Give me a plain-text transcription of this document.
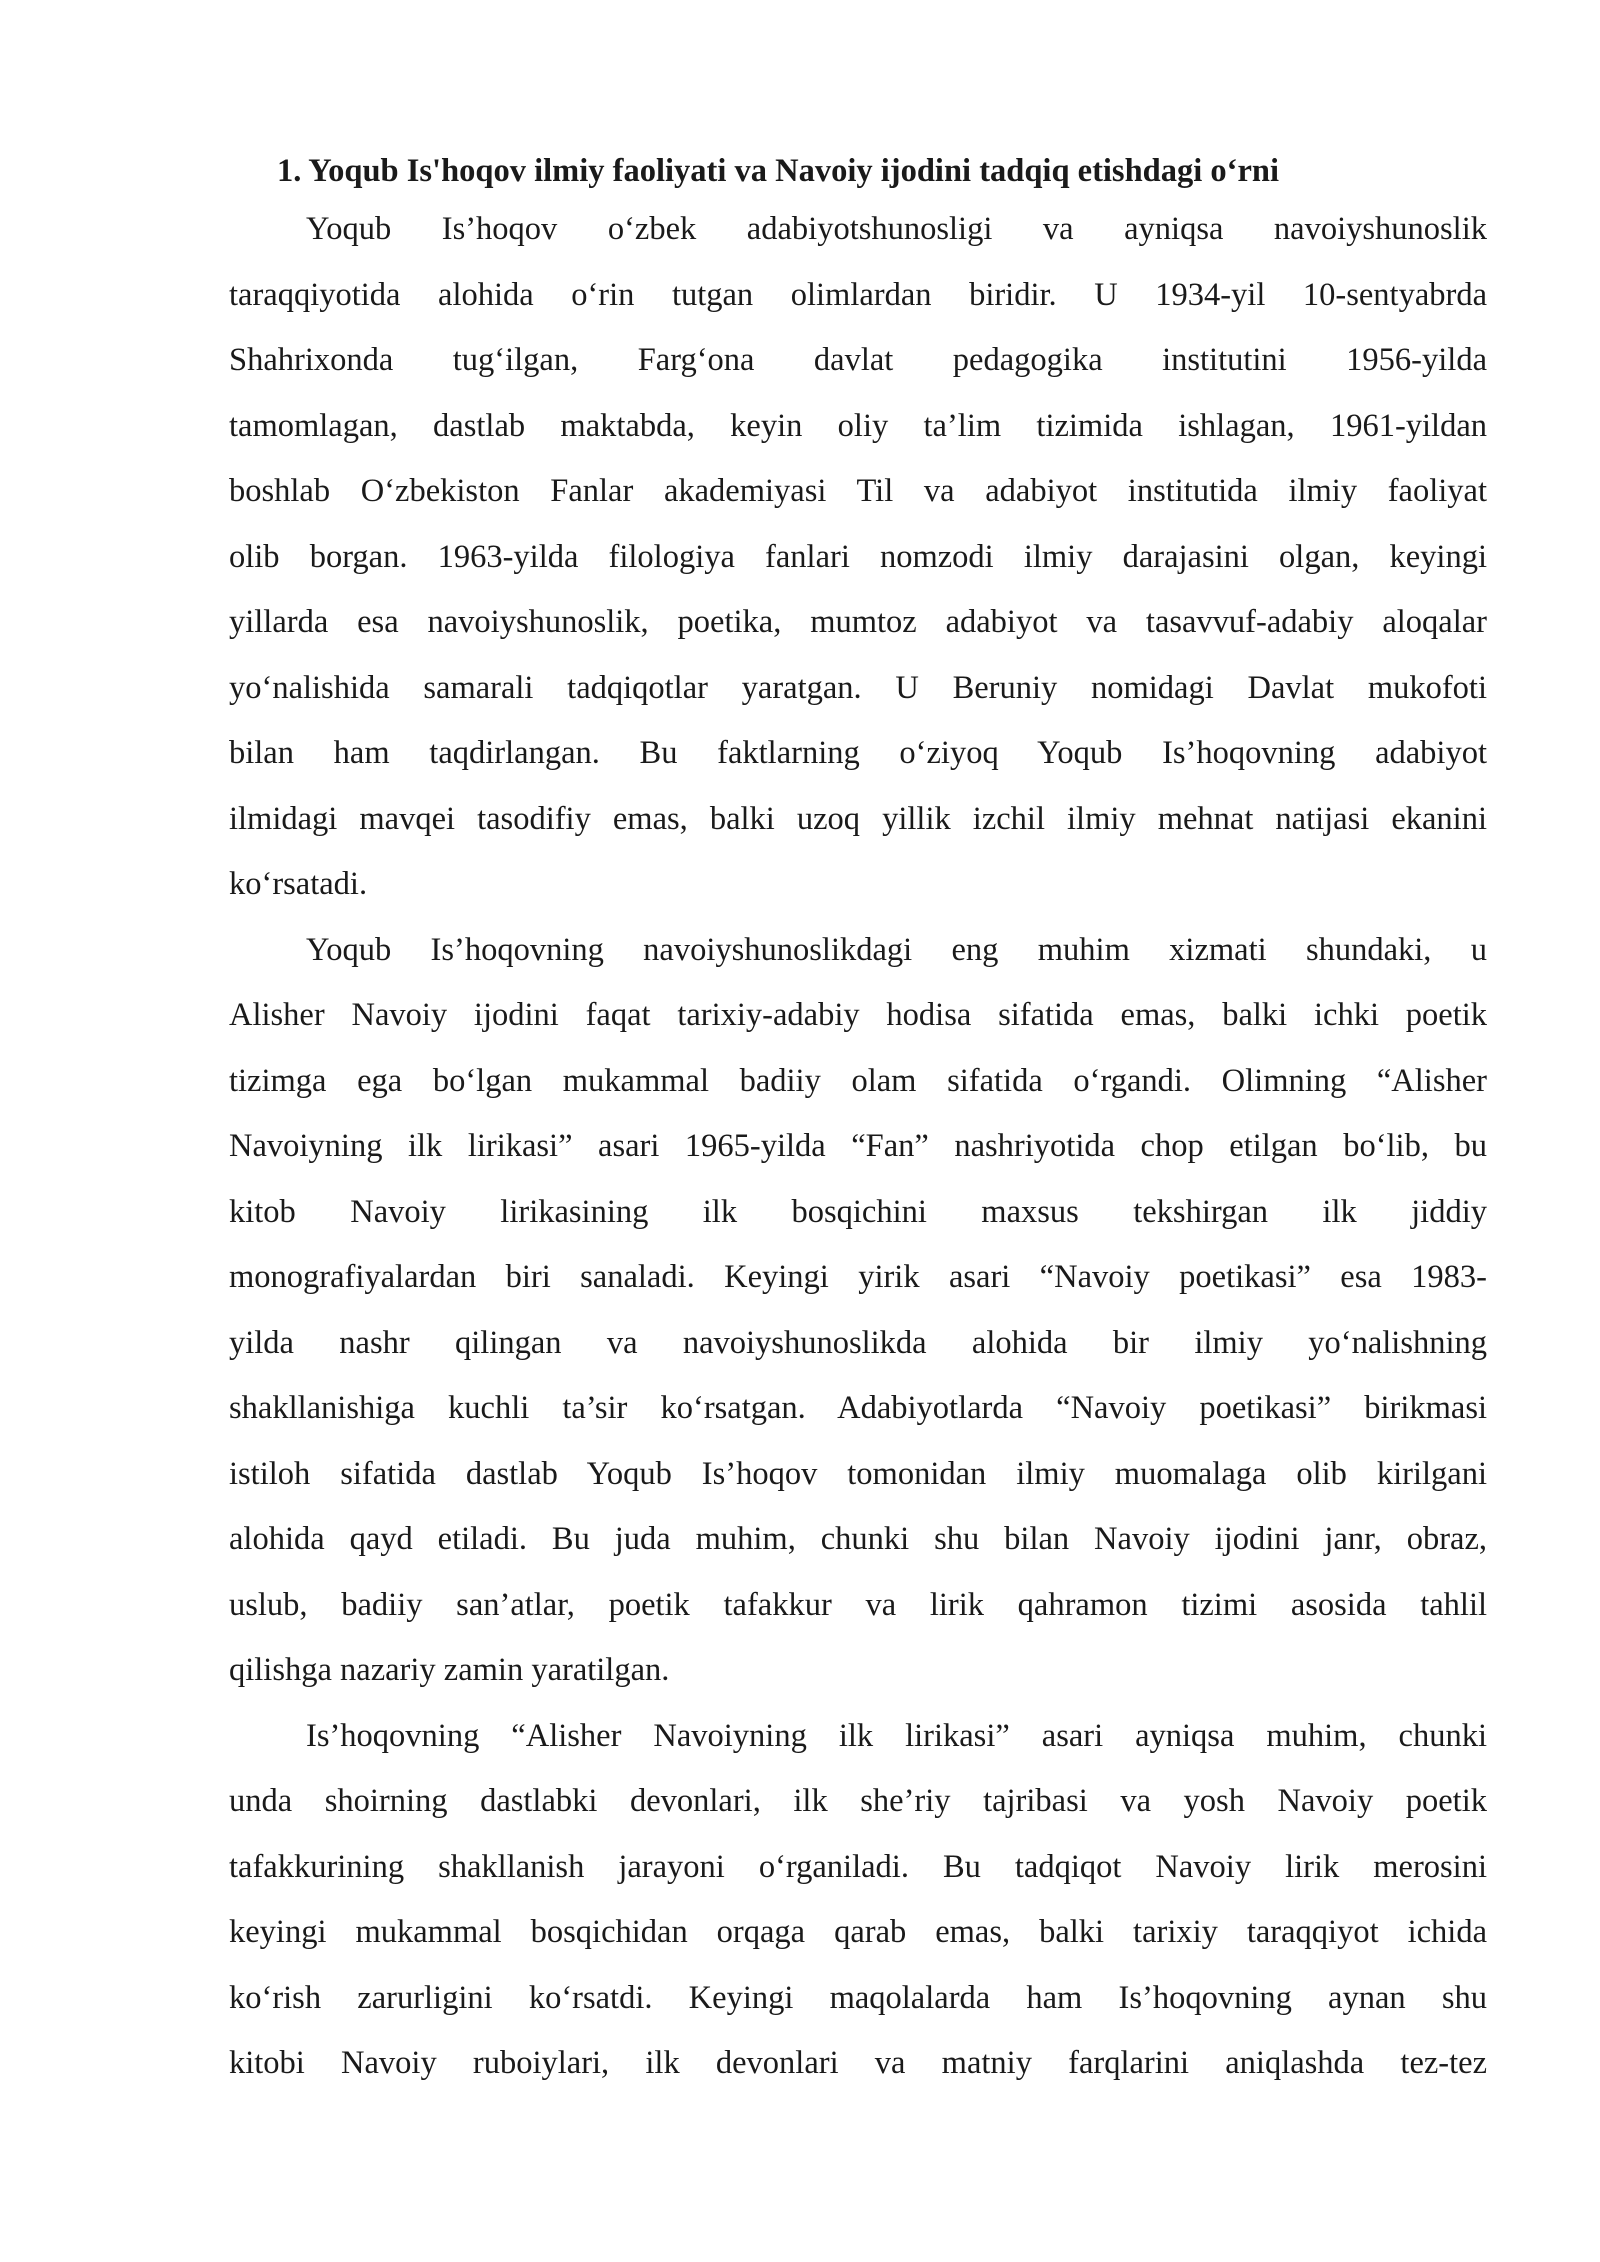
1. Yoqub Is'hoqov ilmiy faoliyati va Navoiy ijodini tadqiq etishdagi o‘rni

Yoqub Is’hoqov o‘zbek adabiyotshunosligi va ayniqsa navoiyshunoslik
taraqqiyotida alohida o‘rin tutgan olimlardan biridir. U 1934-yil 10-sentyabrda
Shahrixonda tug‘ilgan, Farg‘ona davlat pedagogika institutini 1956-yilda
tamomlagan, dastlab maktabda, keyin oliy ta’lim tizimida ishlagan, 1961-yildan
boshlab O‘zbekiston Fanlar akademiyasi Til va adabiyot institutida ilmiy faoliyat
olib borgan. 1963-yilda filologiya fanlari nomzodi ilmiy darajasini olgan, keyingi
yillarda esa navoiyshunoslik, poetika, mumtoz adabiyot va tasavvuf-adabiy aloqalar
yo‘nalishida samarali tadqiqotlar yaratgan. U Beruniy nomidagi Davlat mukofoti
bilan ham taqdirlangan. Bu faktlarning o‘ziyoq Yoqub Is’hoqovning adabiyot
ilmidagi mavqei tasodifiy emas, balki uzoq yillik izchil ilmiy mehnat natijasi ekanini
ko‘rsatadi.

Yoqub Is’hoqovning navoiyshunoslikdagi eng muhim xizmati shundaki, u
Alisher Navoiy ijodini faqat tarixiy-adabiy hodisa sifatida emas, balki ichki poetik
tizimga ega bo‘lgan mukammal badiiy olam sifatida o‘rgandi. Olimning “Alisher
Navoiyning ilk lirikasi” asari 1965-yilda “Fan” nashriyotida chop etilgan bo‘lib, bu
kitob Navoiy lirikasining ilk bosqichini maxsus tekshirgan ilk jiddiy
monografiyalardan biri sanaladi. Keyingi yirik asari “Navoiy poetikasi” esa 1983-
yilda nashr qilingan va navoiyshunoslikda alohida bir ilmiy yo‘nalishning
shakllanishiga kuchli ta’sir ko‘rsatgan. Adabiyotlarda “Navoiy poetikasi” birikmasi
istiloh sifatida dastlab Yoqub Is’hoqov tomonidan ilmiy muomalaga olib kirilgani
alohida qayd etiladi. Bu juda muhim, chunki shu bilan Navoiy ijodini janr, obraz,
uslub, badiiy san’atlar, poetik tafakkur va lirik qahramon tizimi asosida tahlil
qilishga nazariy zamin yaratilgan.

Is’hoqovning “Alisher Navoiyning ilk lirikasi” asari ayniqsa muhim, chunki
unda shoirning dastlabki devonlari, ilk she’riy tajribasi va yosh Navoiy poetik
tafakkurining shakllanish jarayoni o‘rganiladi. Bu tadqiqot Navoiy lirik merosini
keyingi mukammal bosqichidan orqaga qarab emas, balki tarixiy taraqqiyot ichida
ko‘rish zarurligini ko‘rsatdi. Keyingi maqolalarda ham Is’hoqovning aynan shu
kitobi Navoiy ruboiylari, ilk devonlari va matniy farqlarini aniqlashda tez-tez
